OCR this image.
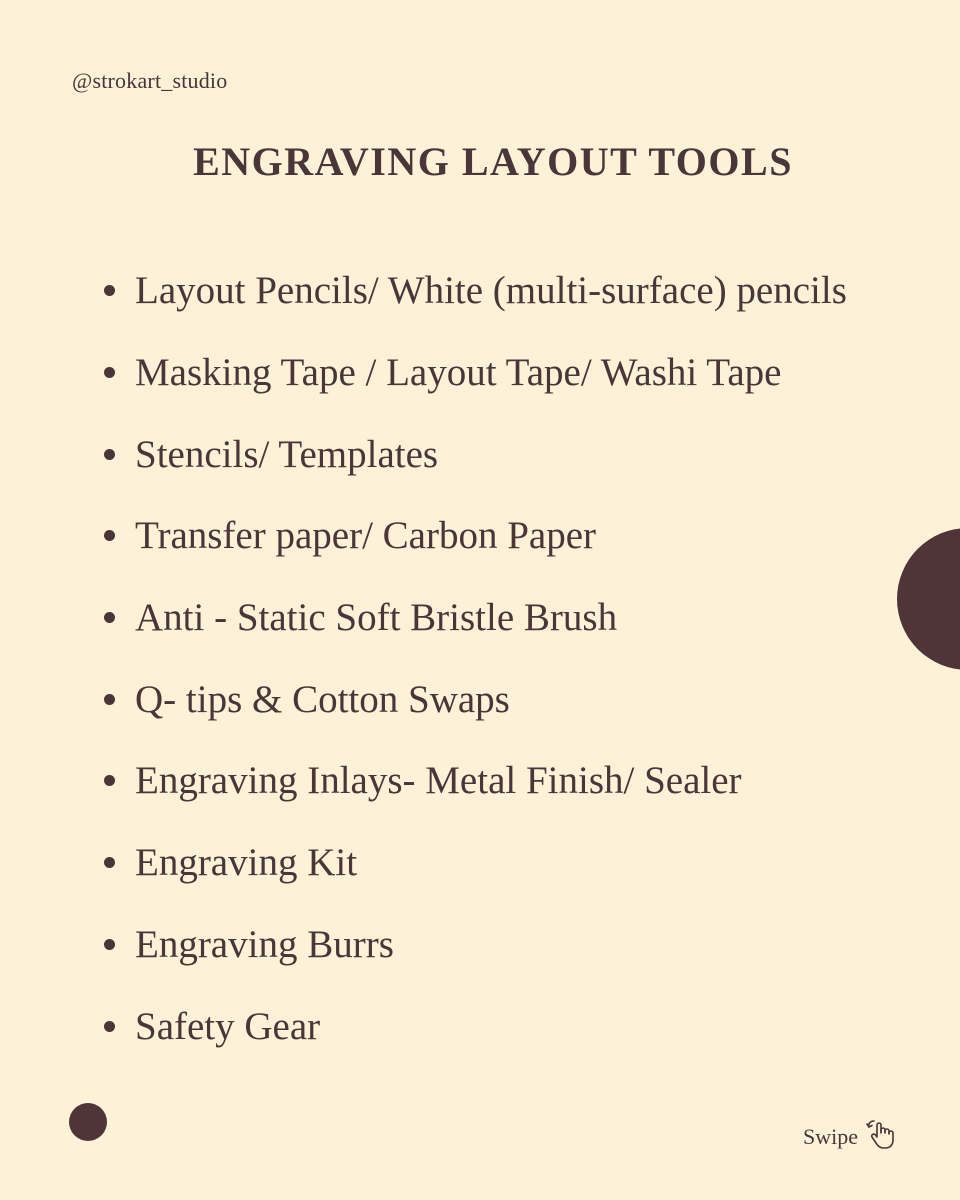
@strokart_studio
ENGRAVING LAYOUT TOOLS
Layout Pencils/ White (multi-surface) pencils
Masking Tape / Layout Tape/ Washi Tape
Stencils/ Templates
Transfer paper/ Carbon Paper
Anti - Static Soft Bristle Brush
Q- tips & Cotton Swaps
Engraving Inlays- Metal Finish/ Sealer
Engraving Kit
Engraving Burrs
Safety Gear
Swipe
